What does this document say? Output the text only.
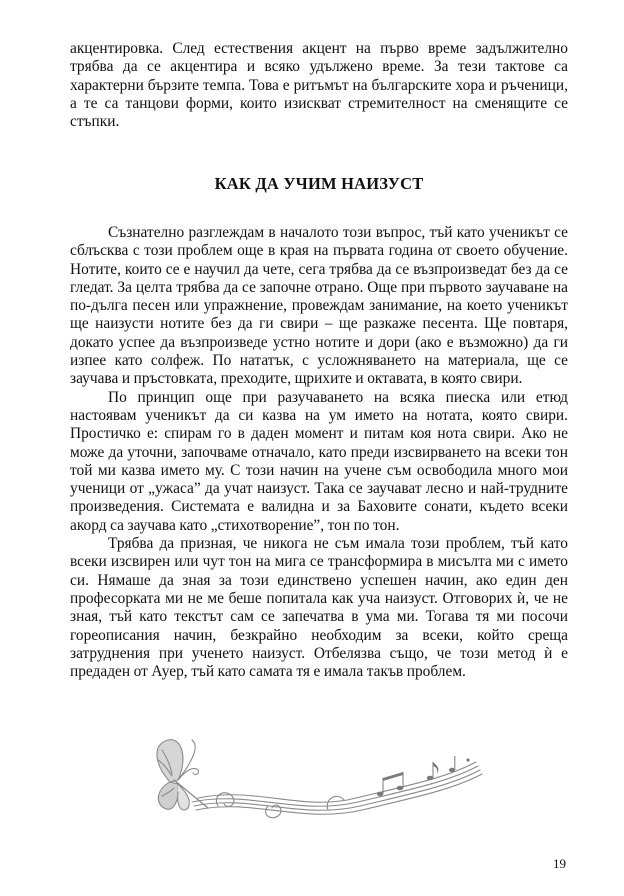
акцентировка. След естествения акцент на първо време задължително трябва да се акцентира и всяко удължено време. За тези тактове са характерни бързите темпа. Това е ритъмът на българските хора и ръченици, а те са танцови форми, които изискват стремителност на сменящите се стъпки.

КАК ДА УЧИМ НАИЗУСТ

Съзнателно разглеждам в началото този въпрос, тъй като ученикът се сблъсква с този проблем още в края на първата година от своето обучение. Нотите, които се е научил да чете, сега трябва да се възпроизведат без да се гледат. За целта трябва да се започне отрано. Още при първото заучаване на по-дълга песен или упражнение, провеждам занимание, на което ученикът ще наизусти нотите без да ги свири – ще разкаже песента. Ще повтаря, докато успее да възпроизведе устно нотите и дори (ако е възможно) да ги изпее като солфеж. По нататък, с усложняването на материала, ще се заучава и пръстовката, преходите, щрихите и октавата, в която свири.

По принцип още при разучаването на всяка пиеска или етюд настоявам ученикът да си казва на ум името на нотата, която свири. Простичко е: спирам го в даден момент и питам коя нота свири. Ако не може да уточни, започваме отначало, като преди изсвирването на всеки тон той ми казва името му. С този начин на учене съм освободила много мои ученици от „ужаса” да учат наизуст. Така се заучават лесно и най-трудните произведения. Системата е валидна и за Баховите сонати, където всеки акорд са заучава като „стихотворение”, тон по тон.

Трябва да призная, че никога не съм имала този проблем, тъй като всеки изсвирен или чут тон на мига се трансформира в мисълта ми с името си. Нямаше да зная за този единствено успешен начин, ако един ден професорката ми не ме беше попитала как уча наизуст. Отговорих ѝ, че не зная, тъй като текстът сам се запечатва в ума ми. Тогава тя ми посочи гореописания начин, безкрайно необходим за всеки, който среща затруднения при ученето наизуст. Отбелязва също, че този метод ѝ е предаден от Ауер, тъй като самата тя е имала такъв проблем.

19
